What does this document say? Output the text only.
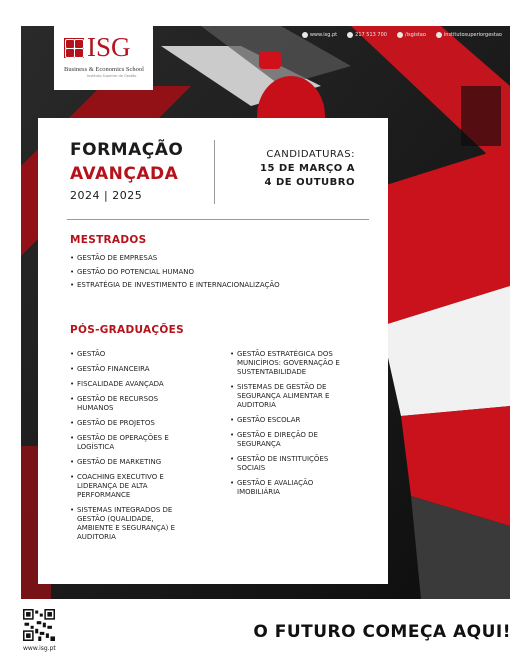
www.isg.pt	217 513 700	/isgistao	institutosuperiorgestao
ISG
Business & Economics School
Instituto Superior de Gestão
FORMAÇÃO
AVANÇADA
2024 | 2025
CANDIDATURAS:
15 DE MARÇO A
4 DE OUTUBRO
MESTRADOS
• GESTÃO DE EMPRESAS
• GESTÃO DO POTENCIAL HUMANO
• ESTRATÉGIA DE INVESTIMENTO E INTERNACIONALIZAÇÃO
PÓS-GRADUAÇÕES
• GESTÃO
• GESTÃO FINANCEIRA
• FISCALIDADE AVANÇADA
• GESTÃO DE RECURSOS HUMANOS
• GESTÃO DE PROJETOS
• GESTÃO DE OPERAÇÕES E LOGÍSTICA
• GESTÃO DE MARKETING
• COACHING EXECUTIVO E LIDERANÇA DE ALTA PERFORMANCE
• SISTEMAS INTEGRADOS DE GESTÃO (QUALIDADE, AMBIENTE E SEGURANÇA) E AUDITORIA
• GESTÃO ESTRATÉGICA DOS MUNICÍPIOS: GOVERNAÇÃO E SUSTENTABILIDADE
• SISTEMAS DE GESTÃO DE SEGURANÇA ALIMENTAR E AUDITORIA
• GESTÃO ESCOLAR
• GESTÃO E DIREÇÃO DE SEGURANÇA
• GESTÃO DE INSTITUIÇÕES SOCIAIS
• GESTÃO E AVALIAÇÃO IMOBILIÁRIA
www.isg.pt
O FUTURO COMEÇA AQUI!
